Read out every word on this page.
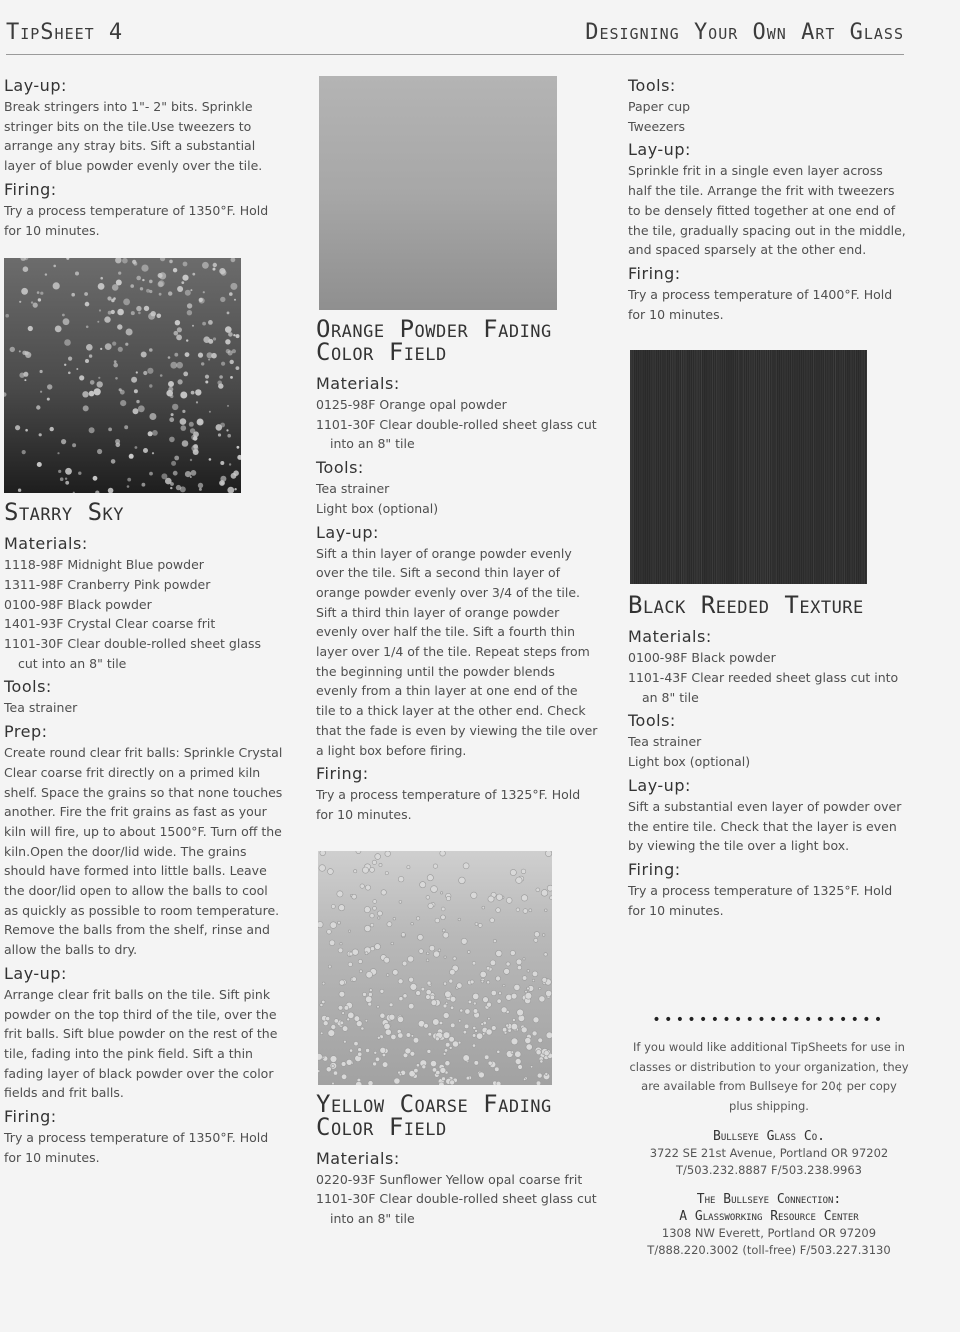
TipSheet 4	Designing Your Own Art Glass
Lay-up:

Break stringers into 1"- 2" bits. Sprinkle stringer bits on the tile.Use tweezers to arrange any stray bits. Sift a substantial layer of blue powder evenly over the tile.

Firing:

Try a process temperature of 1350°F. Hold for 10 minutes.

Starry Sky
Materials:
1118-98F Midnight Blue powder
1311-98F Cranberry Pink powder
0100-98F Black powder
1401-93F Crystal Clear coarse frit
1101-30F Clear double-rolled sheet glass cut into an 8" tile
Tools:
Tea strainer
Prep:

Create round clear frit balls: Sprinkle Crystal Clear coarse frit directly on a primed kiln shelf. Space the grains so that none touches another. Fire the frit grains as fast as your kiln will fire, up to about 1500°F. Turn off the kiln.Open the door/lid wide. The grains should have formed into little balls. Leave the door/lid open to allow the balls to cool as quickly as possible to room temperature. Remove the balls from the shelf, rinse and allow the balls to dry.

Lay-up:

Arrange clear frit balls on the tile. Sift pink powder on the top third of the tile, over the frit balls. Sift blue powder on the rest of the tile, fading into the pink field. Sift a thin fading layer of black powder over the color fields and frit balls.

Firing:

Try a process temperature of 1350°F. Hold for 10 minutes.

Orange Powder Fading Color Field
Materials:
0125-98F Orange opal powder
1101-30F Clear double-rolled sheet glass cut into an 8" tile
Tools:
Tea strainer
Light box (optional)
Lay-up:

Sift a thin layer of orange powder evenly over the tile. Sift a second thin layer of orange powder evenly over 3/4 of the tile. Sift a third thin layer of orange powder evenly over half the tile. Sift a fourth thin layer over 1/4 of the tile. Repeat steps from the beginning until the powder blends evenly from a thin layer at one end of the tile to a thick layer at the other end. Check that the fade is even by viewing the tile over a light box before firing.

Firing:

Try a process temperature of 1325°F. Hold for 10 minutes.

Yellow Coarse Fading Color Field
Materials:
0220-93F Sunflower Yellow opal coarse frit
1101-30F Clear double-rolled sheet glass cut into an 8" tile
Tools:
Paper cup
Tweezers
Lay-up:

Sprinkle frit in a single even layer across half the tile. Arrange the frit with tweezers to be densely fitted together at one end of the tile, gradually spacing out in the middle, and spaced sparsely at the other end.

Firing:

Try a process temperature of 1400°F. Hold for 10 minutes.

Black Reeded Texture
Materials:
0100-98F Black powder
1101-43F Clear reeded sheet glass cut into an 8" tile
Tools:
Tea strainer
Light box (optional)
Lay-up:

Sift a substantial even layer of powder over the entire tile. Check that the layer is even by viewing the tile over a light box.

Firing:

Try a process temperature of 1325°F. Hold for 10 minutes.

••••••••••••••••••••
If you would like additional TipSheets for use in classes or distribution to your organization, they are available from Bullseye for 20¢ per copy plus shipping.
Bullseye Glass Co.
3722 SE 21st Avenue, Portland OR 97202
T/503.232.8887 F/503.238.9963
The Bullseye Connection:
A Glassworking Resource Center
1308 NW Everett, Portland OR 97209
T/888.220.3002 (toll-free) F/503.227.3130
